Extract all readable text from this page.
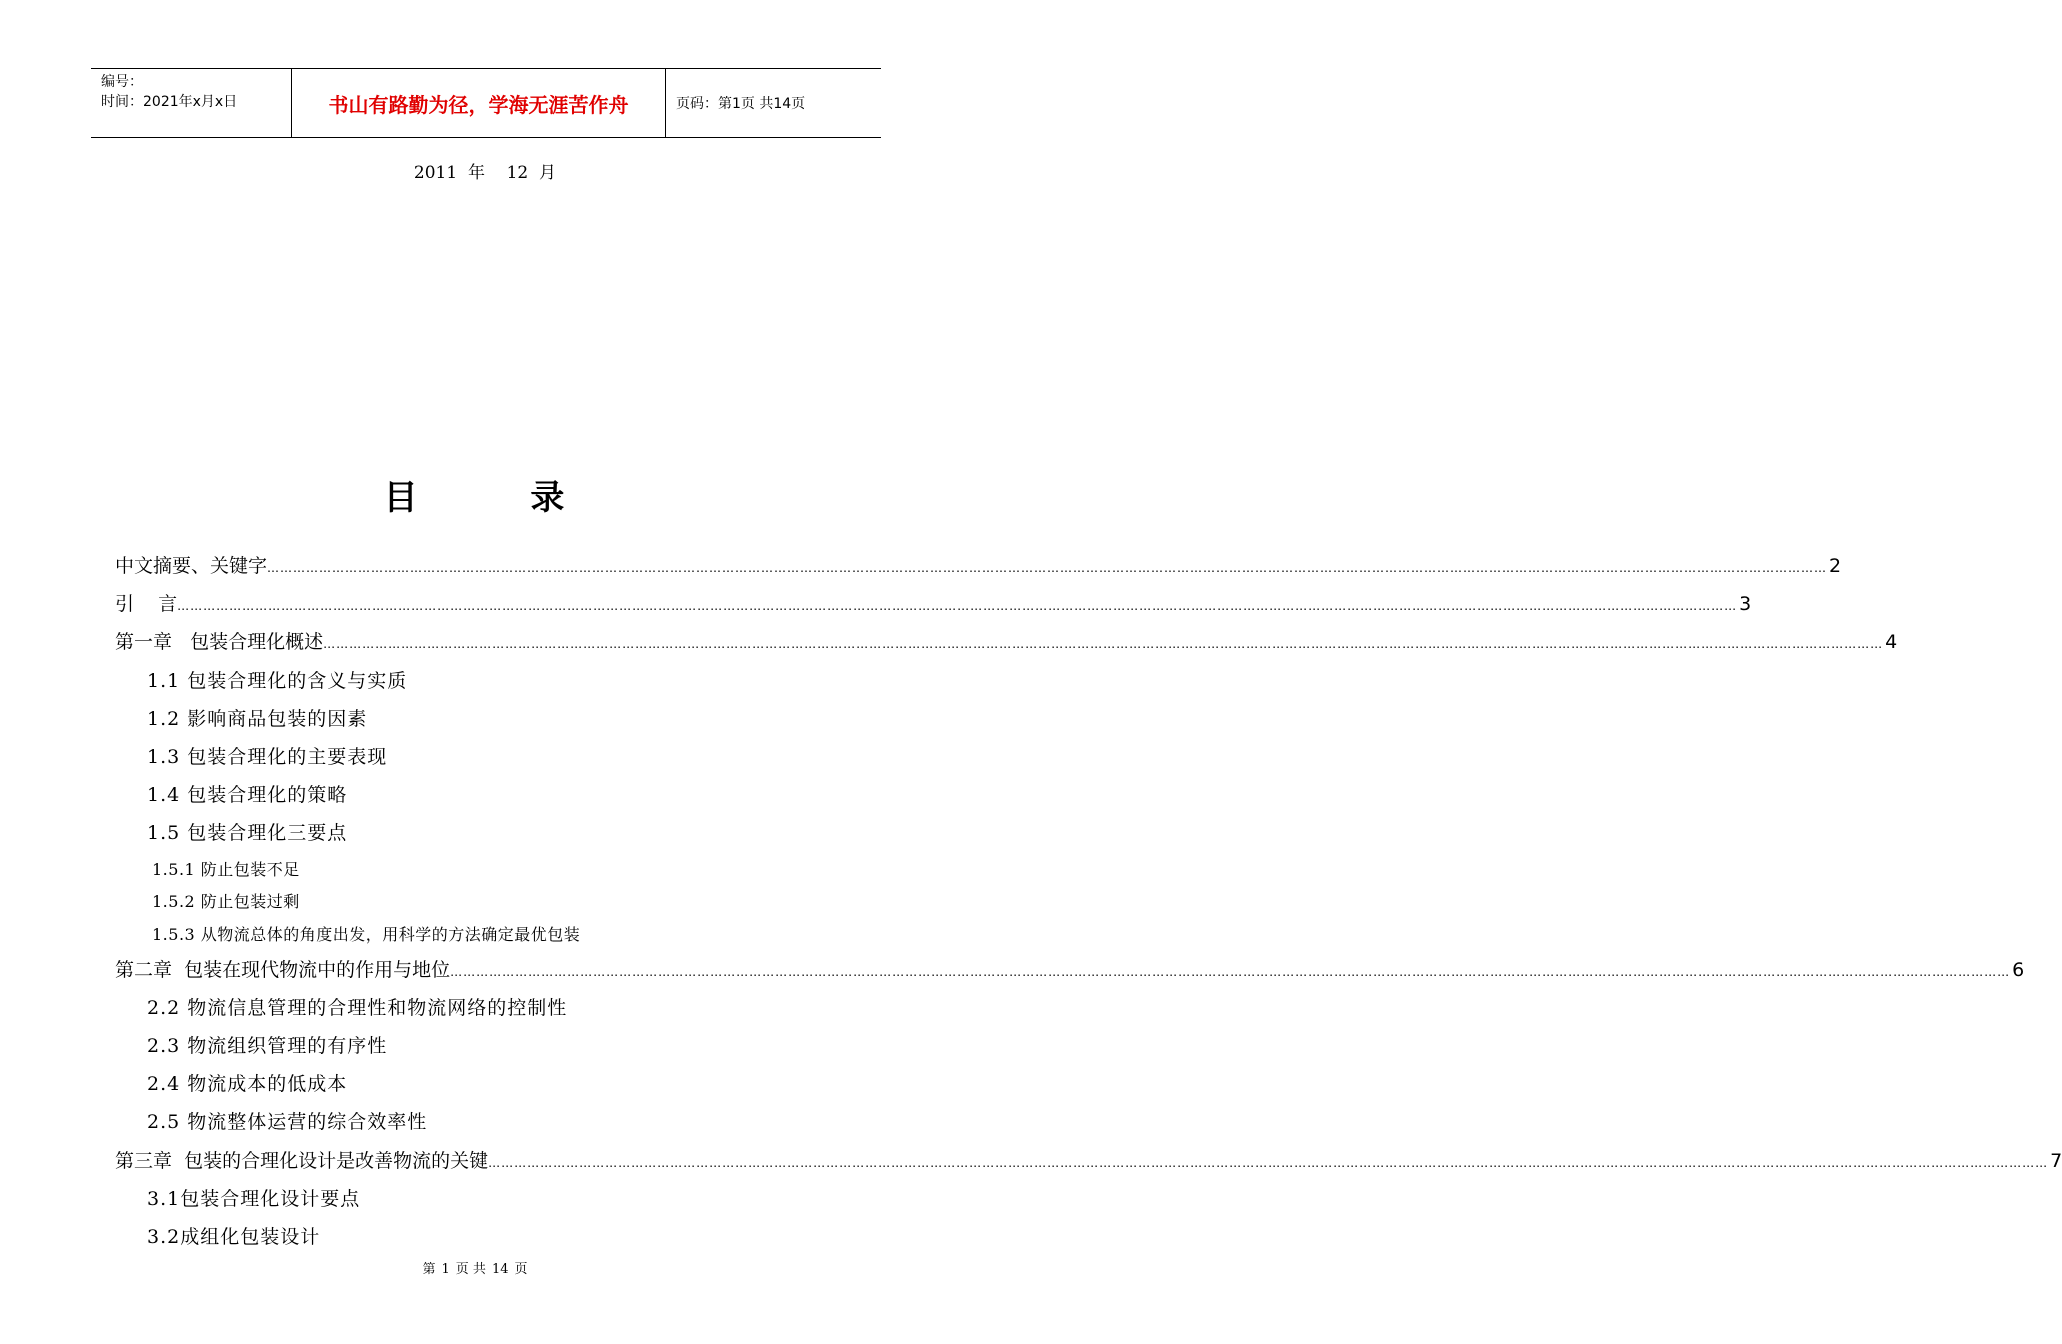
编号：
时间：2021年x月x日	书山有路勤为径，学海无涯苦作舟	页码：第1页 共14页
2011  年    12  月
目        录
中文摘要、关键字 ……………………………………………………………………………………………………………………………………………………………………………………………………………………………………………………………………………………………………………………………… 2
引    言 ……………………………………………………………………………………………………………………………………………………………………………………………………………………………………………………………………………………………………………………………… 3
第一章   包装合理化概述 ……………………………………………………………………………………………………………………………………………………………………………………………………………………………………………………………………………………………………………………………… 4
1.1 包装合理化的含义与实质
1.2 影响商品包装的因素
1.3 包装合理化的主要表现
1.4 包装合理化的策略
1.5 包装合理化三要点
1.5.1 防止包装不足
1.5.2 防止包装过剩
1.5.3 从物流总体的角度出发，用科学的方法确定最优包装
第二章  包装在现代物流中的作用与地位 ……………………………………………………………………………………………………………………………………………………………………………………………………………………………………………………………………………………………………………………………… 6
2.2 物流信息管理的合理性和物流网络的控制性
2.3 物流组织管理的有序性
2.4 物流成本的低成本
2.5 物流整体运营的综合效率性
第三章  包装的合理化设计是改善物流的关键 ……………………………………………………………………………………………………………………………………………………………………………………………………………………………………………………………………………………………………………………………… 7
3.1包装合理化设计要点
3.2成组化包装设计
第 1 页 共 14 页
